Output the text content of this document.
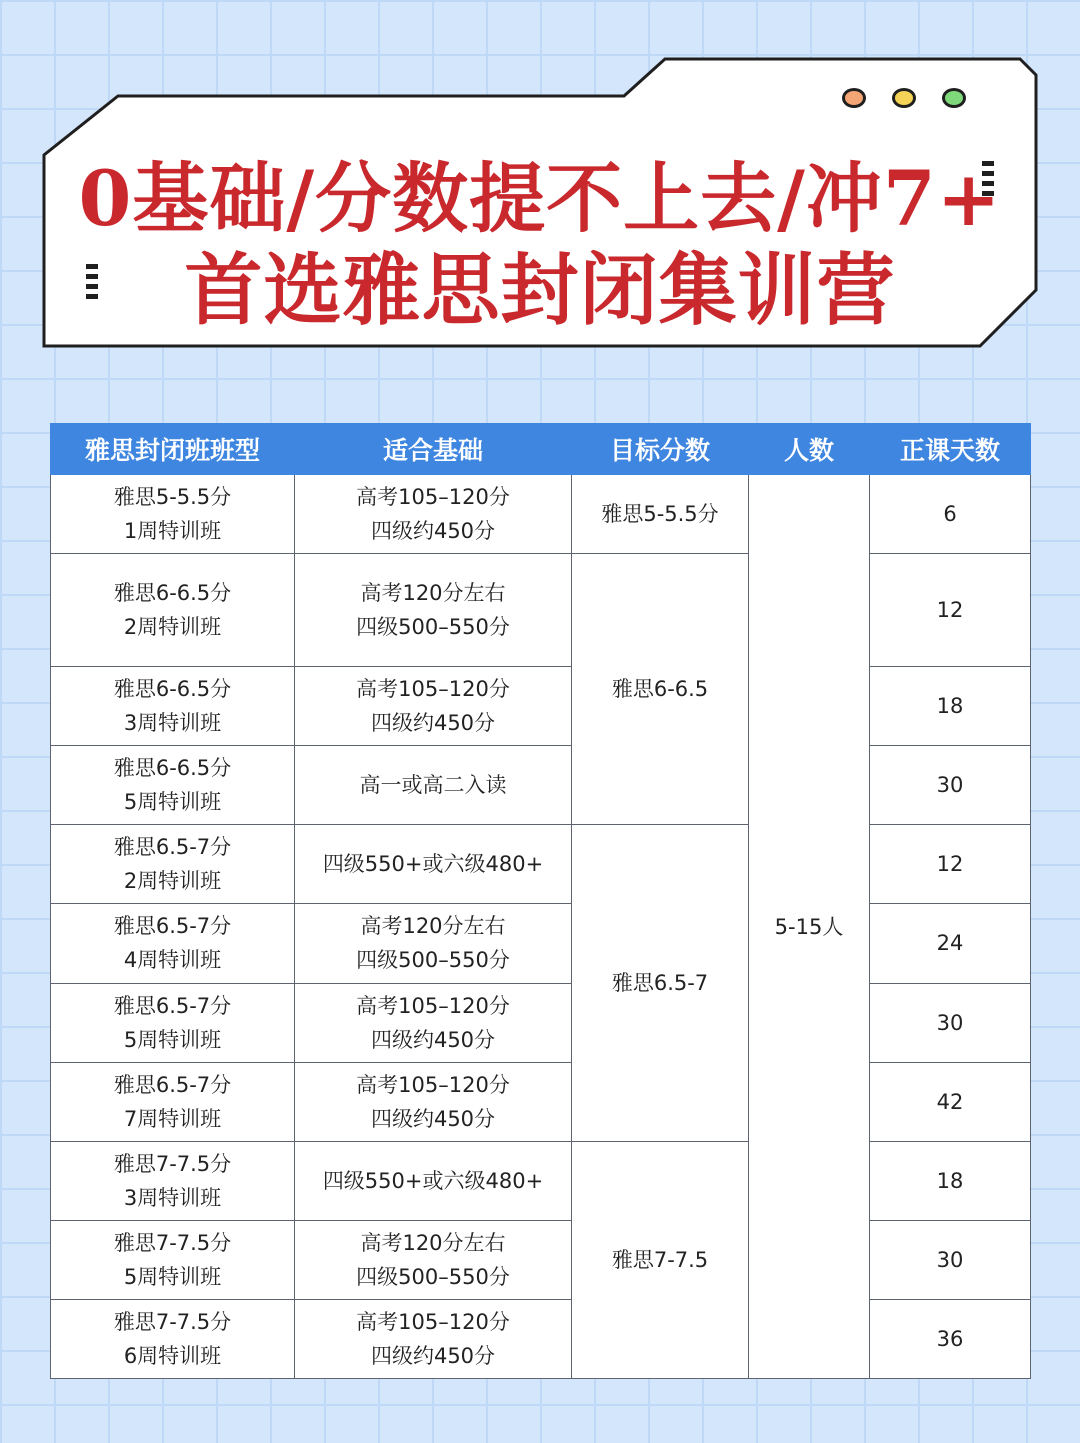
0基础/分数提不上去/冲7+
首选雅思封闭集训营
雅思封闭班班型	适合基础	目标分数	人数	正课天数

雅思5-5.5分
1周特训班	高考105–120分
四级约450分	雅思5-5.5分	5-15人	6

雅思6-6.5分
2周特训班	高考120分左右
四级500–550分	雅思6-6.5		12

雅思6-6.5分
3周特训班	高考105–120分
四级约450分			18

雅思6-6.5分
5周特训班	高一或高二入读			30

雅思6.5-7分
2周特训班	四级550+或六级480+	雅思6.5-7		12

雅思6.5-7分
4周特训班	高考120分左右
四级500–550分			24

雅思6.5-7分
5周特训班	高考105–120分
四级约450分			30

雅思6.5-7分
7周特训班	高考105–120分
四级约450分			42

雅思7-7.5分
3周特训班	四级550+或六级480+	雅思7-7.5		18

雅思7-7.5分
5周特训班	高考120分左右
四级500–550分			30

雅思7-7.5分
6周特训班	高考105–120分
四级约450分			36
